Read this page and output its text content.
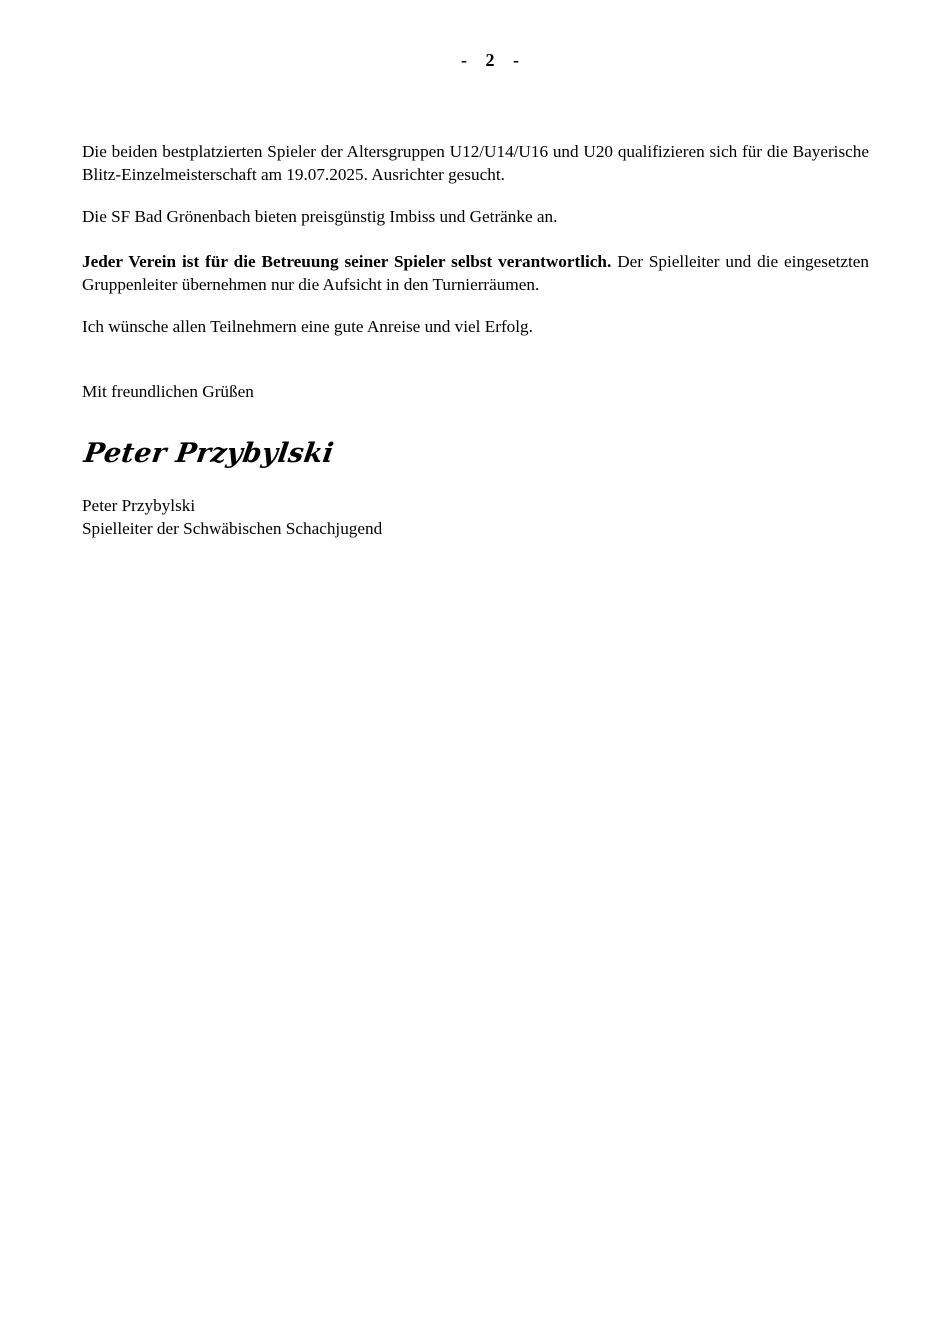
- 2 -

Die beiden bestplatzierten Spieler der Altersgruppen U12/U14/U16 und U20 qualifizieren sich für die Bayerische Blitz-Einzelmeisterschaft am 19.07.2025. Ausrichter gesucht.

Die SF Bad Grönenbach bieten preisgünstig Imbiss und Getränke an.

Jeder Verein ist für die Betreuung seiner Spieler selbst verantwortlich. Der Spielleiter und die eingesetzten Gruppenleiter übernehmen nur die Aufsicht in den Turnierräumen.

Ich wünsche allen Teilnehmern eine gute Anreise und viel Erfolg.

Mit freundlichen Grüßen

Peter Przybylski
Peter Przybylski
Spielleiter der Schwäbischen Schachjugend
